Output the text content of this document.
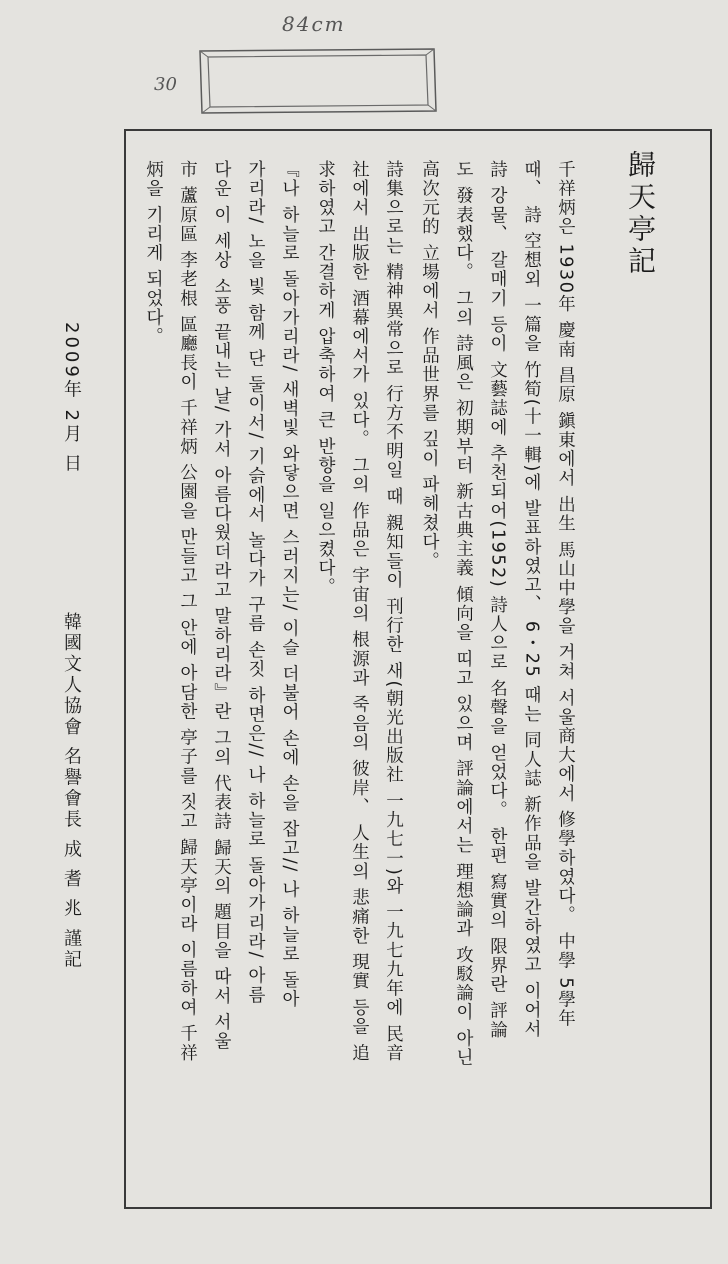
84cm
30
歸天亭記
千祥炳은 1930年 慶南 昌原 鎭東에서 出生 馬山中學을 거쳐 서울商大에서 修學하였다。 中學 5學年
때、 詩 空想외 一篇을 竹筍(十一輯)에 발표하였고、 6・25 때는 同人誌 新作品을 발간하였고 이어서
詩 강물、 갈매기 등이 文藝誌에 추천되어(1952) 詩人으로 名聲을 얻었다。 한편 寫實의 限界란 評論
도 發表했다。 그의 詩風은 初期부터 新古典主義 傾向을 띠고 있으며 評論에서는 理想論과 攻駁論이 아닌
高次元的 立場에서 作品世界를 깊이 파헤쳤다。
詩集으로는 精神異常으로 行方不明일 때 親知들이 刊行한 새(朝光出版社 一九七一)와 一九七九年에 民音
社에서 出版한 酒幕에서가 있다。 그의 作品은 宇宙의 根源과 죽음의 彼岸、 人生의 悲痛한 現實 등을 追
求하였고 간결하게 압축하여 큰 반향을 일으켰다。
『나 하늘로 돌아가리라/ 새벽빛 와닿으면 스러지는/ 이슬 더불어 손에 손을 잡고// 나 하늘로 돌아
가리라/ 노을 빛 함께 단 둘이서/ 기슭에서 놀다가 구름 손짓 하면은// 나 하늘로 돌아가리라/ 아름
다운 이 세상 소풍 끝내는 날/ 가서 아름다웠더라고 말하리라』란 그의 代表詩 歸天의 題目을 따서 서울
市 蘆原區 李老根 區廳長이 千祥炳 公園을 만들고 그 안에 아담한 亭子를 짓고 歸天亭이라 이름하여 千祥
炳을 기리게 되었다。
2009年 2月 日
韓國文人協會 名譽會長 成 耆 兆 謹記
